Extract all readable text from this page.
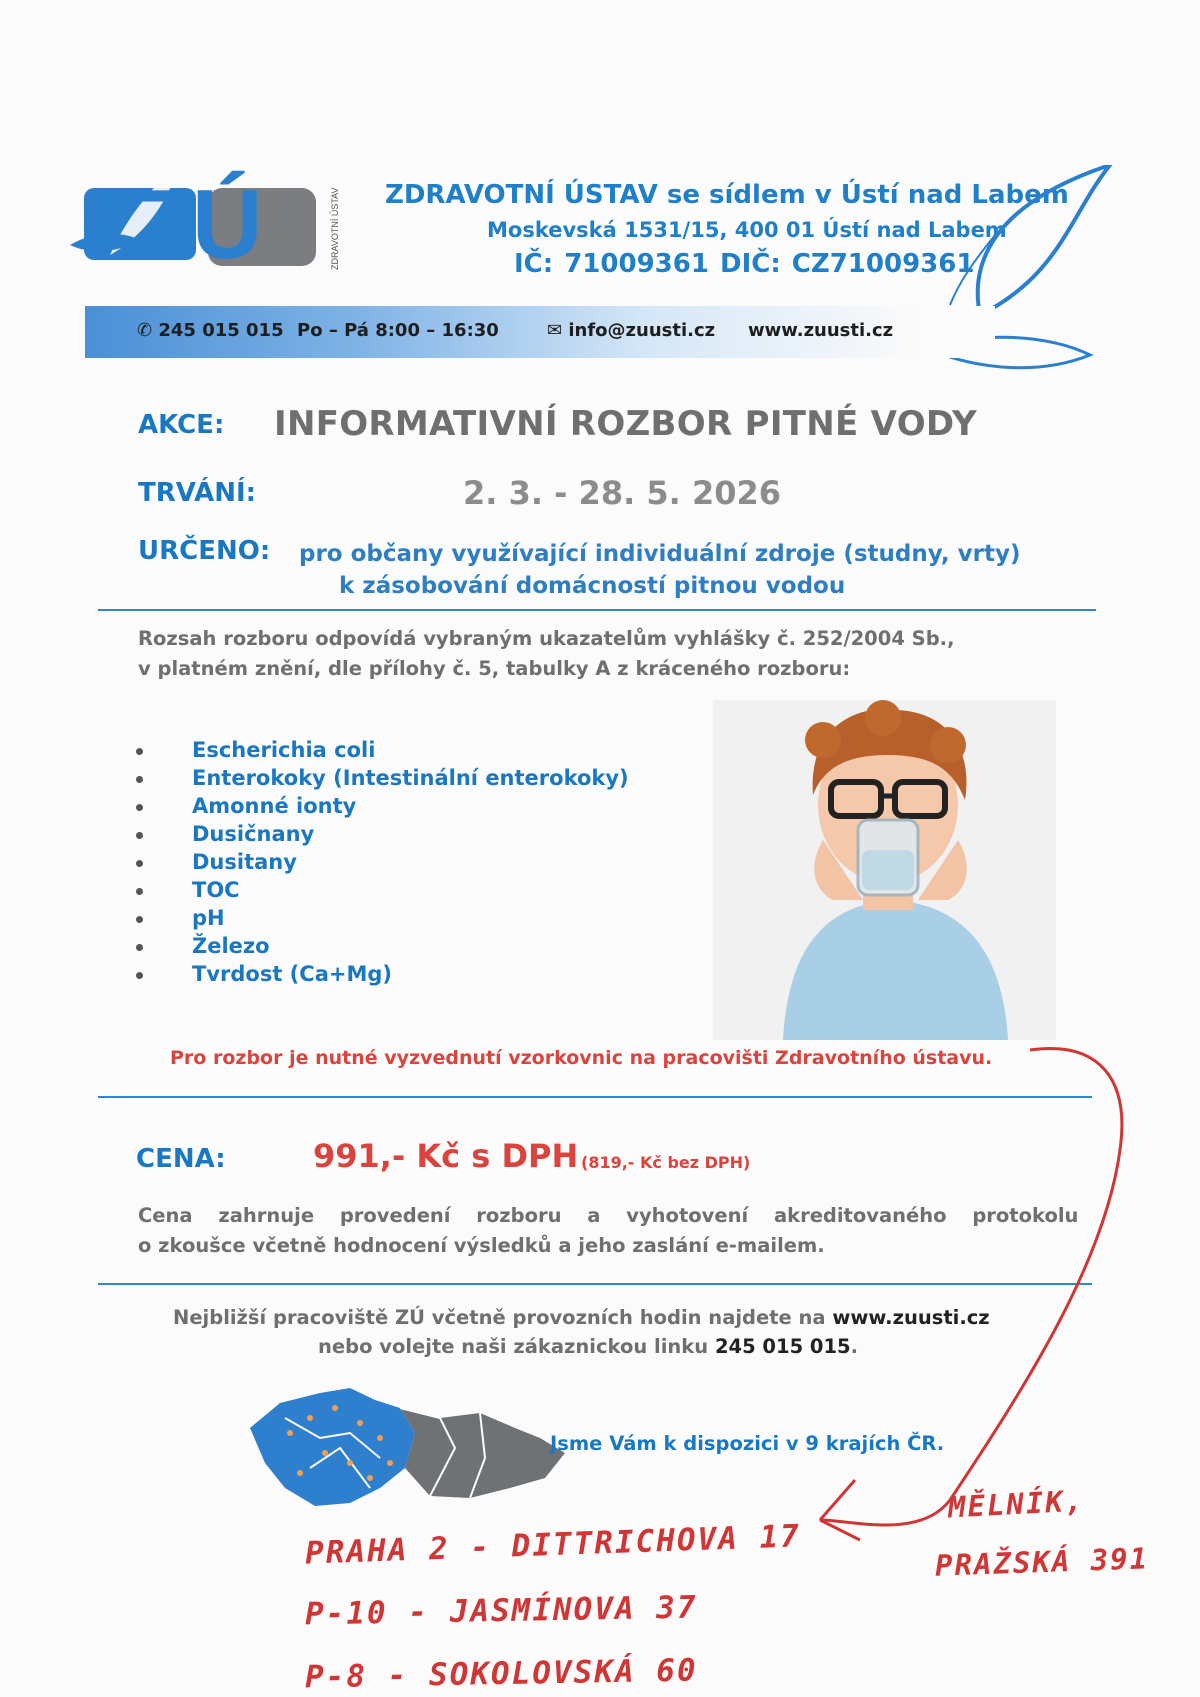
ZÚ	ZDRAVOTNÍ ÚSTAV ZDRAVOTNÍ ÚSTAV se sídlem v Ústí nad Labem
Moskevská 1531/15, 400 01 Ústí nad Labem
IČ: 71009361 DIČ: CZ71009361
✆ 245 015 015 Po – Pá 8:00 – 16:30	✉ info@zuusti.cz www.zuusti.cz
AKCE: INFORMATIVNÍ ROZBOR PITNÉ VODY
TRVÁNÍ:	2. 3. - 28. 5. 2026
URČENO: pro občany využívající individuální zdroje (studny, vrty)
k zásobování domácností pitnou vodou
Rozsah rozboru odpovídá vybraným ukazatelům vyhlášky č. 252/2004 Sb.,
v platném znění, dle přílohy č. 5, tabulky A z kráceného rozboru:
Escherichia coli
Enterokoky (Intestinální enterokoky)
Amonné ionty
Dusičnany
Dusitany
TOC
pH
Železo
Tvrdost (Ca+Mg)
Pro rozbor je nutné vyzvednutí vzorkovnic na pracovišti Zdravotního ústavu.
CENA:	991,- Kč s DPH (819,- Kč bez DPH)
Cena zahrnuje provedení rozboru a vyhotovení akreditovaného protokolu
o zkoušce včetně hodnocení výsledků a jeho zaslání e-mailem.
Nejbližší pracoviště ZÚ včetně provozních hodin najdete na www.zuusti.cz
nebo volejte naši zákaznickou linku 245 015 015.
Jsme Vám k dispozici v 9 krajích ČR.
PRAHA 2 - DITTRICHOVA 17
P-10 - JASMÍNOVA 37
P-8 - SOKOLOVSKÁ 60
MĚLNÍK,
PRAŽSKÁ 391
